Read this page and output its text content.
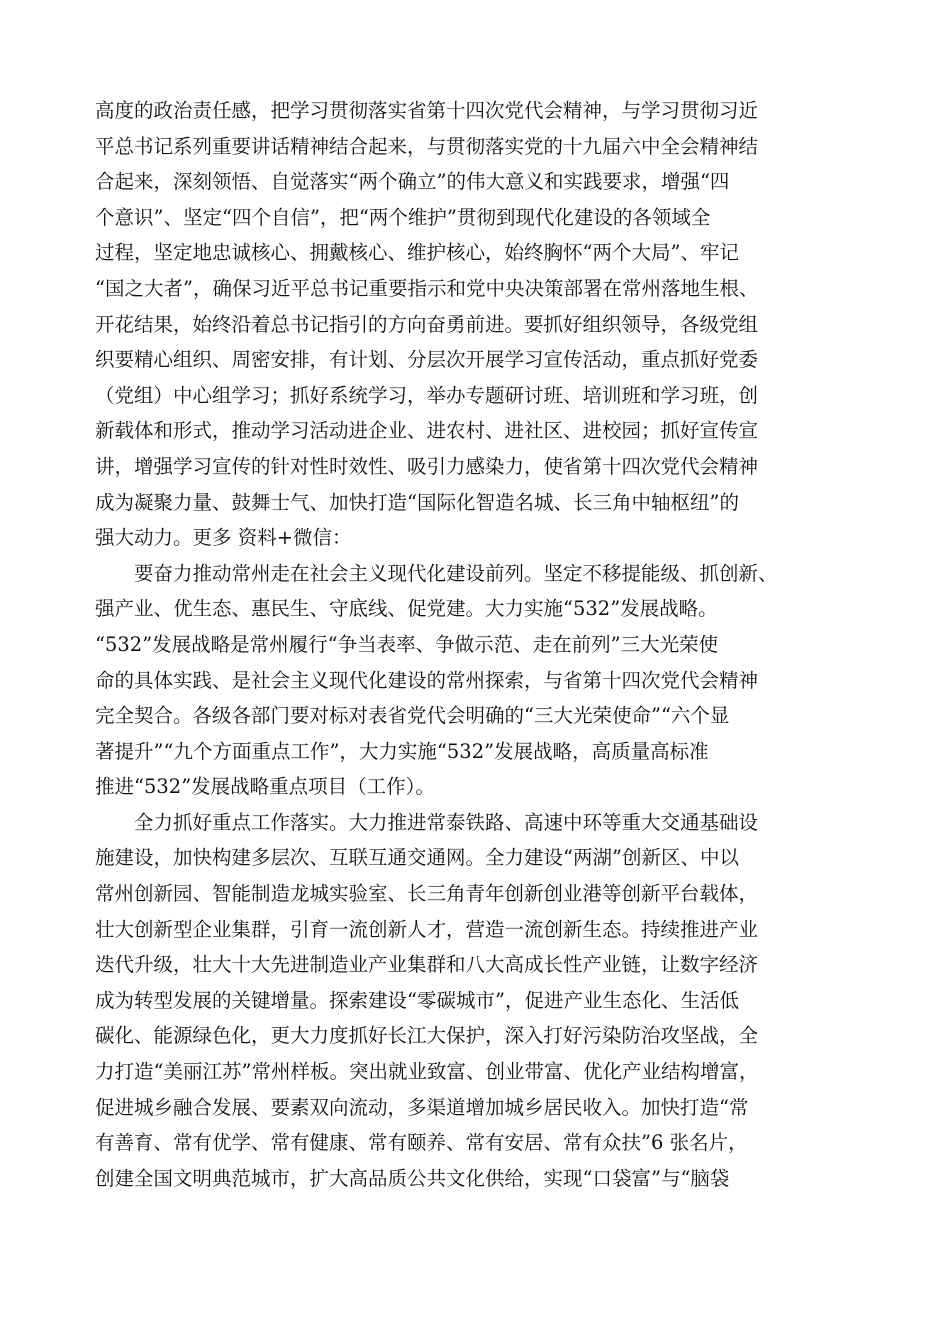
高度的政治责任感，把学习贯彻落实省第十四次党代会精神，与学习贯彻习近
平总书记系列重要讲话精神结合起来，与贯彻落实党的十九届六中全会精神结
合起来，深刻领悟、自觉落实“两个确立”的伟大意义和实践要求，增强“四
个意识”、坚定“四个自信”，把“两个维护”贯彻到现代化建设的各领域全
过程，坚定地忠诚核心、拥戴核心、维护核心，始终胸怀“两个大局”、牢记
“国之大者”，确保习近平总书记重要指示和党中央决策部署在常州落地生根、
开花结果，始终沿着总书记指引的方向奋勇前进。要抓好组织领导，各级党组
织要精心组织、周密安排，有计划、分层次开展学习宣传活动，重点抓好党委
（党组）中心组学习；抓好系统学习，举办专题研讨班、培训班和学习班，创
新载体和形式，推动学习活动进企业、进农村、进社区、进校园；抓好宣传宣
讲，增强学习宣传的针对性时效性、吸引力感染力，使省第十四次党代会精神
成为凝聚力量、鼓舞士气、加快打造“国际化智造名城、长三角中轴枢纽”的
强大动力。更多 资料+微信：
　　要奋力推动常州走在社会主义现代化建设前列。坚定不移提能级、抓创新、
强产业、优生态、惠民生、守底线、促党建。大力实施“532”发展战略。
“532”发展战略是常州履行“争当表率、争做示范、走在前列”三大光荣使
命的具体实践、是社会主义现代化建设的常州探索，与省第十四次党代会精神
完全契合。各级各部门要对标对表省党代会明确的“三大光荣使命”“六个显
著提升”“九个方面重点工作”，大力实施“532”发展战略，高质量高标准
推进“532”发展战略重点项目（工作）。
　　全力抓好重点工作落实。大力推进常泰铁路、高速中环等重大交通基础设
施建设，加快构建多层次、互联互通交通网。全力建设“两湖”创新区、中以
常州创新园、智能制造龙城实验室、长三角青年创新创业港等创新平台载体，
壮大创新型企业集群，引育一流创新人才，营造一流创新生态。持续推进产业
迭代升级，壮大十大先进制造业产业集群和八大高成长性产业链，让数字经济
成为转型发展的关键增量。探索建设“零碳城市”，促进产业生态化、生活低
碳化、能源绿色化，更大力度抓好长江大保护，深入打好污染防治攻坚战，全
力打造“美丽江苏”常州样板。突出就业致富、创业带富、优化产业结构增富，
促进城乡融合发展、要素双向流动，多渠道增加城乡居民收入。加快打造“常
有善育、常有优学、常有健康、常有颐养、常有安居、常有众扶”6 张名片，
创建全国文明典范城市，扩大高品质公共文化供给，实现“口袋富”与“脑袋
